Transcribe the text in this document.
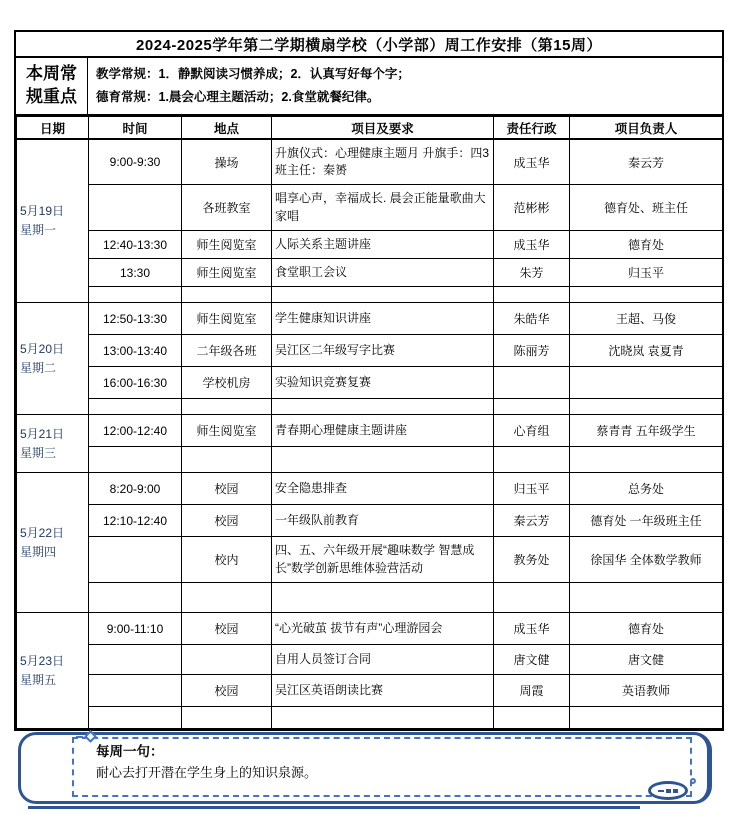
2024-2025学年第二学期横扇学校（小学部）周工作安排（第15周）
本周常规重点
教学常规：1．静默阅读习惯养成；2．认真写好每个字；
德育常规：1.晨会心理主题活动；2.食堂就餐纪律。
日期	时间	地点	项目及要求	责任行政	项目负责人
5月19日
星期一	9:00-9:30	操场	升旗仪式：心理健康主题月 升旗手：四3 班主任：秦赟	成玉华	秦云芳
		各班教室	唱享心声，幸福成长. 晨会正能量歌曲大家唱	范彬彬	德育处、班主任
	12:40-13:30	师生阅览室	人际关系主题讲座	成玉华	德育处
	13:30	师生阅览室	食堂职工会议	朱芳	归玉平

5月20日
星期二	12:50-13:30	师生阅览室	学生健康知识讲座	朱皓华	王超、马俊
	13:00-13:40	二年级各班	吴江区二年级写字比赛	陈丽芳	沈晓岚 袁夏青
	16:00-16:30	学校机房	实验知识竞赛复赛		

5月21日
星期三	12:00-12:40	师生阅览室	青春期心理健康主题讲座	心育组	蔡青青 五年级学生

5月22日
星期四	8:20-9:00	校园	安全隐患排查	归玉平	总务处
	12:10-12:40	校园	一年级队前教育	秦云芳	德育处 一年级班主任
		校内	四、五、六年级开展“趣味数学 智慧成长”数学创新思维体验营活动	教务处	徐国华 全体数学教师

5月23日
星期五	9:00-11:10	校园	“心光破茧 拔节有声”心理游园会	成玉华	德育处
			自用人员签订合同	唐文健	唐文健
		校园	吴江区英语朗读比赛	周霞	英语教师

每周一句：
耐心去打开潜在学生身上的知识泉源。
